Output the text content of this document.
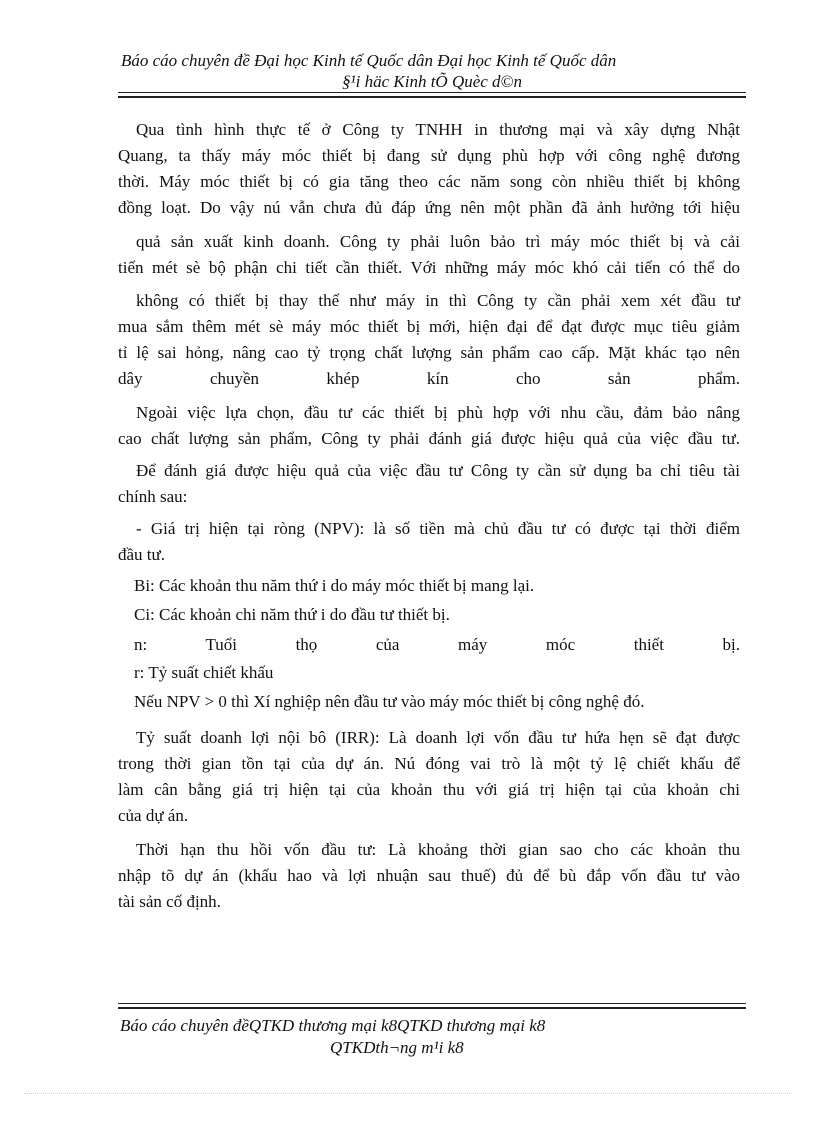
Báo cáo chuyên đề Đại học Kinh tế Quốc dân Đại học Kinh tế Quốc dân
§¹i häc Kinh tÕ Quèc d©n
Qua tình hình thực tế ở Công ty TNHH in thương mại và xây dựng Nhật
Quang, ta thấy máy móc thiết bị đang sử dụng phù hợp với công nghệ đương
thời. Máy móc thiết bị có gia tăng theo các năm song còn nhiều thiết bị không
đồng loạt. Do vậy nú vẫn chưa đủ đáp ứng nên một phần đã ảnh hưởng tới hiệu
quả sản xuất kinh doanh. Công ty phải luôn bảo trì máy móc thiết bị và cải
tiến mét sè bộ phận chi tiết cần thiết. Với những máy móc khó cải tiến có thể do
không có thiết bị thay thế như máy in thì Công ty cần phải xem xét đầu tư
mua sắm thêm mét sè máy móc thiết bị mới, hiện đại để đạt được mục tiêu giảm
tỉ lệ sai hỏng, nâng cao tỷ trọng chất lượng sản phẩm cao cấp. Mặt khác tạo nên
dây chuyền khép kín cho sản phẩm.
Ngoài việc lựa chọn, đầu tư các thiết bị phù hợp với nhu cầu, đảm bảo nâng
cao chất lượng sản phẩm, Công ty phải đánh giá được hiệu quả của việc đầu tư.
Để đánh giá được hiệu quả của việc đầu tư Công ty cần sử dụng ba chỉ tiêu tài
chính sau:
- Giá trị hiện tại ròng (NPV): là số tiền mà chủ đầu tư có được tại thời điểm
đầu tư.
Bi: Các khoản thu năm thứ i do máy móc thiết bị mang lại.
Ci: Các khoản chi năm thứ i do đầu tư thiết bị.
n: Tuổi thọ của máy móc thiết bị.
r: Tỷ suất chiết khấu
Nếu NPV > 0 thì Xí nghiệp nên đầu tư vào máy móc thiết bị công nghệ đó.
Tỷ suất doanh lợi nội bô (IRR): Là doanh lợi vốn đầu tư hứa hẹn sẽ đạt được
trong thời gian tồn tại của dự án. Nú đóng vai trò là một tỷ lệ chiết khấu để
làm cân bằng giá trị hiện tại của khoản thu với giá trị hiện tại của khoản chi
của dự án.
Thời hạn thu hồi vốn đầu tư: Là khoảng thời gian sao cho các khoản thu
nhập tõ dự án (khấu hao và lợi nhuận sau thuế) đủ để bù đắp vốn đầu tư vào
tài sản cố định.
Báo cáo chuyên đềQTKD thương mại k8QTKD thương mại k8
QTKDth¬ng m¹i k8
